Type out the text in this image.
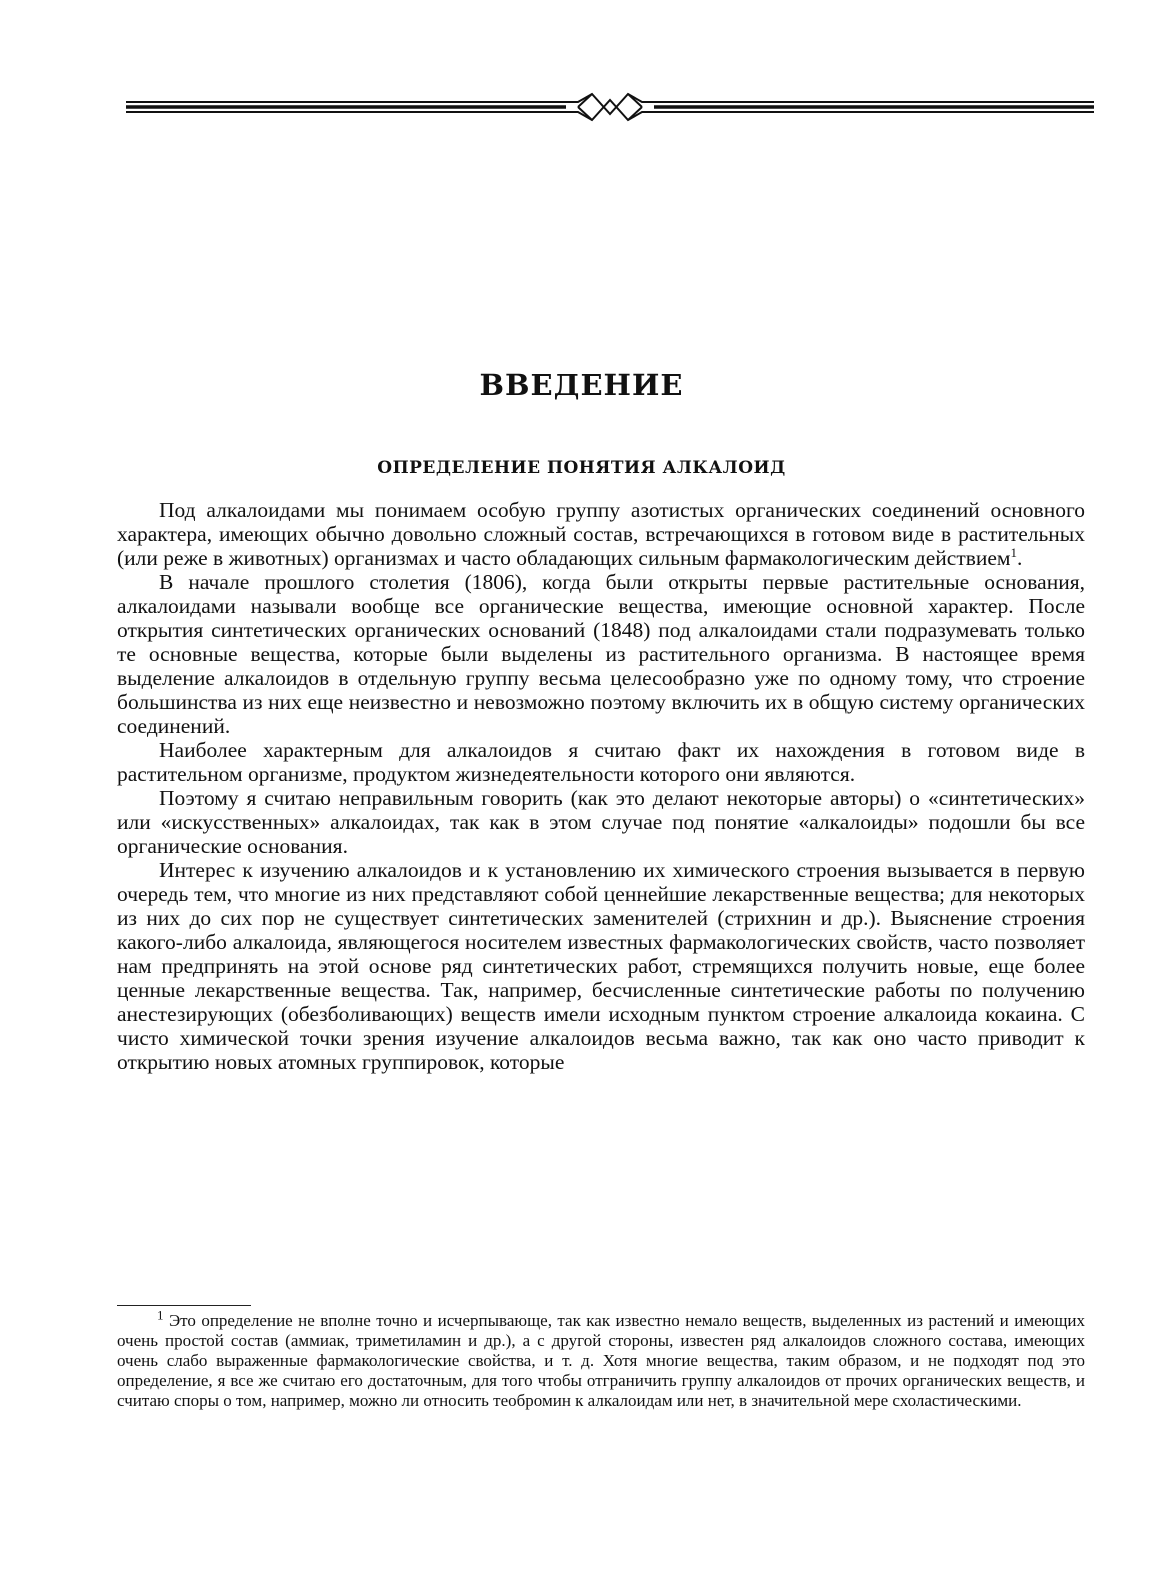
ВВЕДЕНИЕ
ОПРЕДЕЛЕНИЕ ПОНЯТИЯ АЛКАЛОИД

Под алкалоидами мы понимаем особую группу азотистых органических соединений основного характера, имеющих обычно довольно сложный состав, встречающихся в готовом виде в растительных (или реже в животных) организмах и часто обладающих сильным фармакологическим действием$^1$.

В начале прошлого столетия (1806), когда были открыты первые растительные основания, алкалоидами называли вообще все органические вещества, имеющие основной характер. После открытия синтетических органических оснований (1848) под алкалоидами стали подразумевать только те основные вещества, которые были выделены из растительного организма. В настоящее время выделение алкалоидов в отдельную группу весьма целесообразно уже по одному тому, что строение большинства из них еще неизвестно и невозможно поэтому включить их в общую систему органических соединений.

Наиболее характерным для алкалоидов я считаю факт их нахождения в готовом виде в растительном организме, продуктом жизнедеятельности которого они являются.

Поэтому я считаю неправильным говорить (как это делают некоторые авторы) о «синтетических» или «искусственных» алкалоидах, так как в этом случае под понятие «алкалоиды» подошли бы все органические основания.

Интерес к изучению алкалоидов и к установлению их химического строения вызывается в первую очередь тем, что многие из них представляют собой ценнейшие лекарственные вещества; для некоторых из них до сих пор не существует синтетических заменителей (стрихнин и др.). Выяснение строения какого-либо алкалоида, являющегося носителем известных фармакологических свойств, часто позволяет нам предпринять на этой основе ряд синтетических работ, стремящихся получить новые, еще более ценные лекарственные вещества. Так, например, бесчисленные синтетические работы по получению анестезирующих (обезболивающих) веществ имели исходным пунктом строение алкалоида кокаина. С чисто химической точки зрения изучение алкалоидов весьма важно, так как оно часто приводит к открытию новых атомных группировок, которые

$^1$ Это определение не вполне точно и исчерпывающе, так как известно немало веществ, выделенных из растений и имеющих очень простой состав (аммиак, триметиламин и др.), а с другой стороны, известен ряд алкалоидов сложного состава, имеющих очень слабо выраженные фармакологические свойства, и т. д. Хотя многие вещества, таким образом, и не подходят под это определение, я все же считаю его достаточным, для того чтобы отграничить группу алкалоидов от прочих органических веществ, и считаю споры о том, например, можно ли относить теобромин к алкалоидам или нет, в значительной мере схоластическими.
